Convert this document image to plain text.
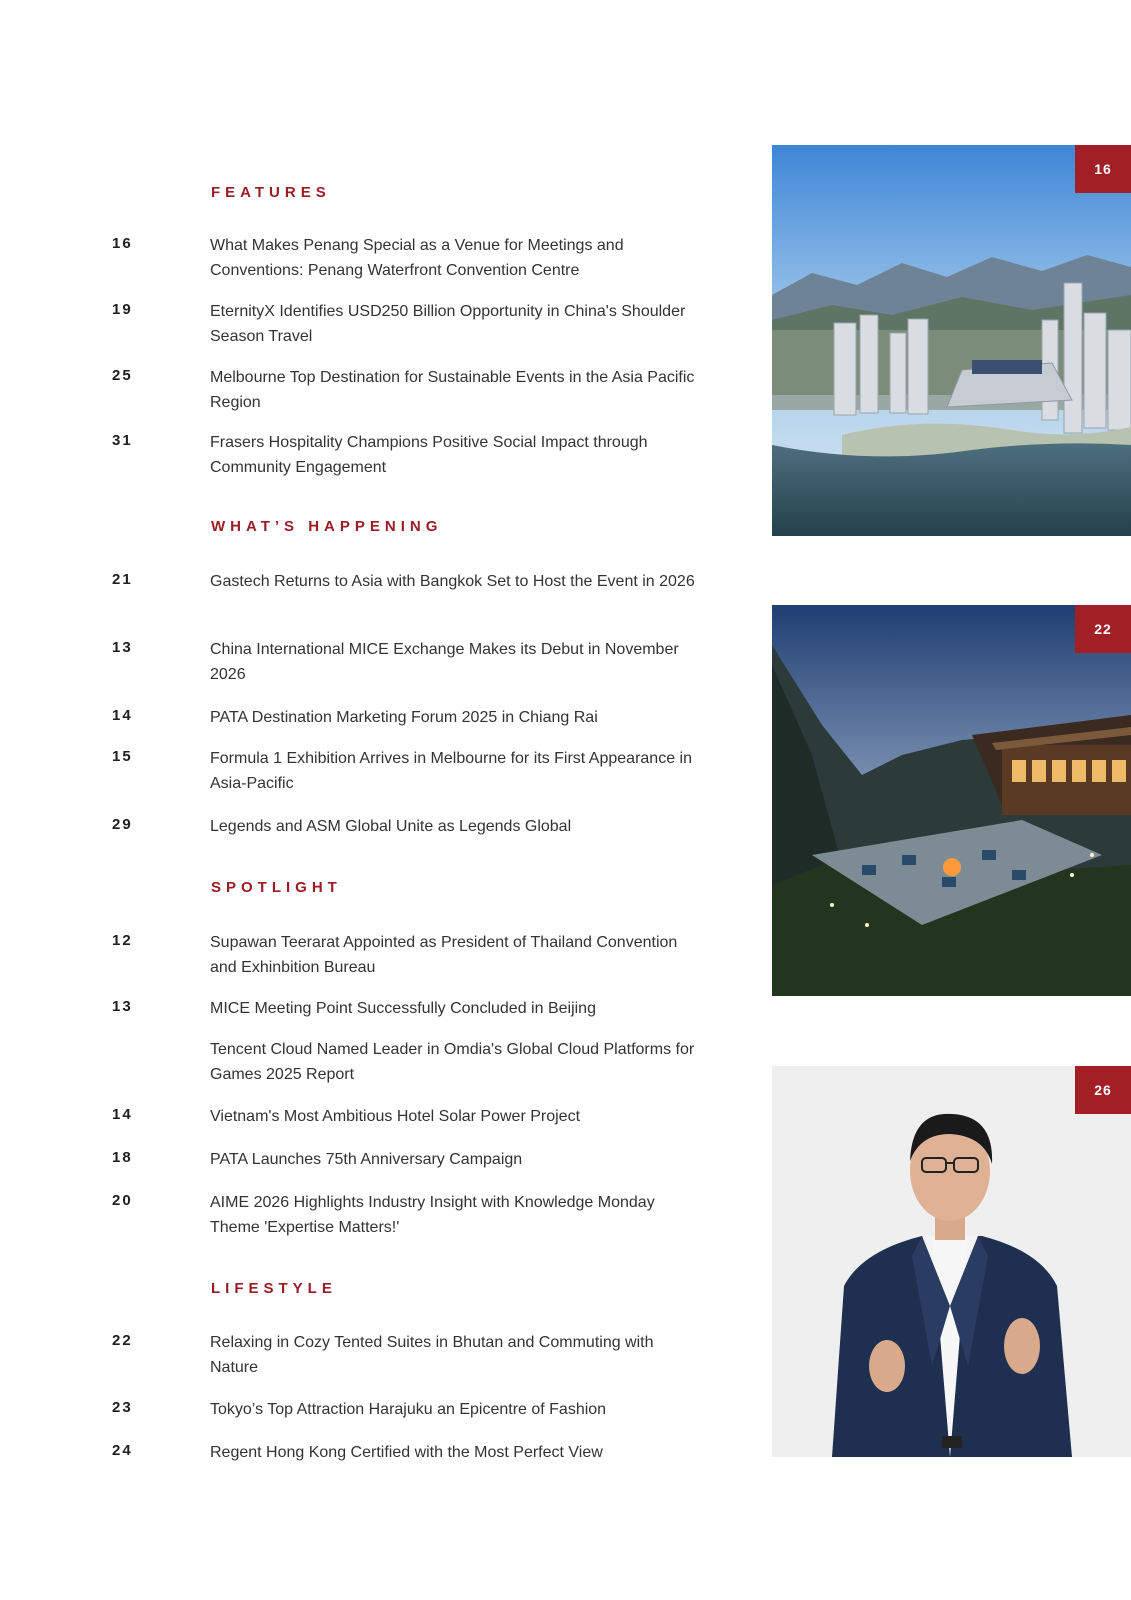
FEATURES
16	What Makes Penang Special as a Venue for Meetings and Conventions: Penang Waterfront Convention Centre
19	EternityX Identifies USD250 Billion Opportunity in China's Shoulder Season Travel
25	Melbourne Top Destination for Sustainable Events in the Asia Pacific Region
31	Frasers Hospitality Champions Positive Social Impact through Community Engagement
WHAT’S HAPPENING
21	Gastech Returns to Asia with Bangkok Set to Host the Event in 2026
13	China International MICE Exchange Makes its Debut in November 2026
14	PATA Destination Marketing Forum 2025 in Chiang Rai
15	Formula 1 Exhibition Arrives in Melbourne for its First Appearance in Asia-Pacific
29	Legends and ASM Global Unite as Legends Global
SPOTLIGHT
12	Supawan Teerarat Appointed as President of Thailand Convention and Exhinbition Bureau
13	MICE Meeting Point Successfully Concluded in Beijing
Tencent Cloud Named Leader in Omdia's Global Cloud Platforms for Games 2025 Report
14	Vietnam's Most Ambitious Hotel Solar Power Project
18	PATA Launches 75th Anniversary Campaign
20	AIME 2026 Highlights Industry Insight with Knowledge Monday Theme 'Expertise Matters!'
LIFESTYLE
22	Relaxing in Cozy Tented Suites in Bhutan and Commuting with Nature
23	Tokyo’s Top Attraction Harajuku an Epicentre of Fashion
24	Regent Hong Kong Certified with the Most Perfect View
16
22
26
